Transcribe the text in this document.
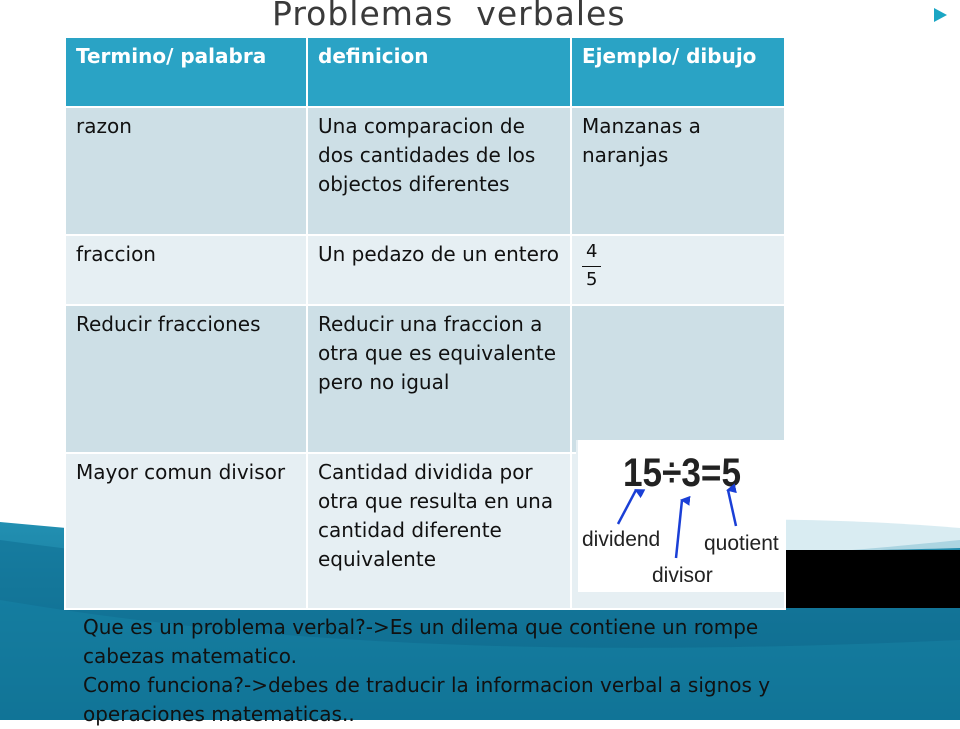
Problemas  verbales
Termino/ palabra	definicion	Ejemplo/ dibujo
razon	Una comparacion de dos cantidades de los objectos diferentes	Manzanas a naranjas
fraccion	Un pedazo de un entero	$\frac{4}{5}$

Reducir fracciones	Reducir una fraccion a otra que es equivalente pero no igual	
Mayor comun divisor	Cantidad dividida por otra que resulta en una cantidad diferente equivalente	
15÷3=5
dividend
divisor
quotient

Que es un problema verbal?->Es un dilema que contiene un rompe cabezas matematico.

Como funciona?->debes de traducir la informacion verbal a signos y operaciones matematicas..
